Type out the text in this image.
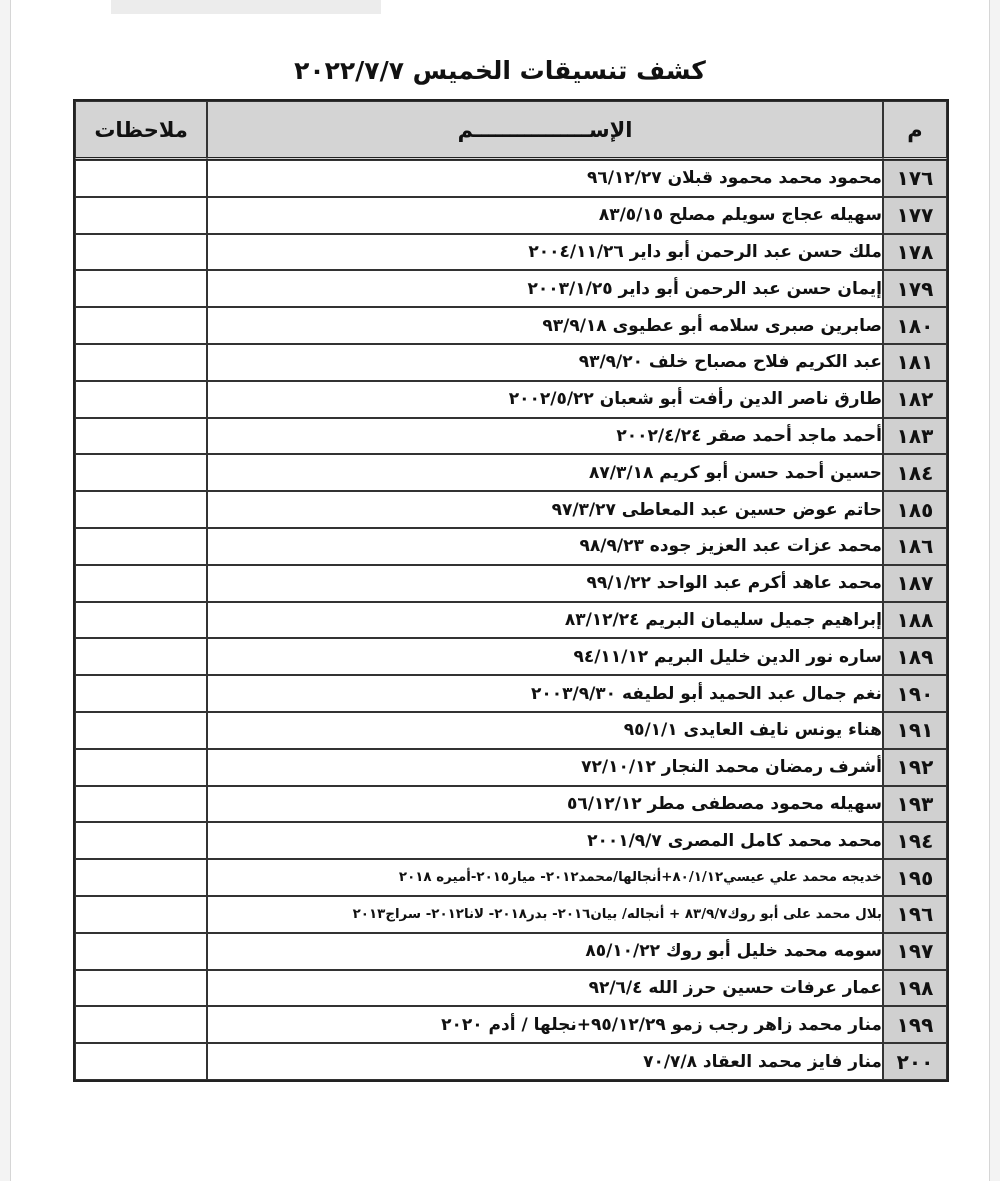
كشف تنسيقات الخميس ٢٠٢٢/٧/٧
م	الإســــــــــــــــم	ملاحظات
١٧٦	محمود محمد محمود قبلان ٩٦/١٢/٢٧	
١٧٧	سهيله عجاج سويلم مصلح ٨٣/٥/١٥	
١٧٨	ملك حسن عبد الرحمن أبو داير ٢٠٠٤/١١/٢٦	
١٧٩	إيمان حسن عبد الرحمن أبو داير ٢٠٠٣/١/٢٥	
١٨٠	صابرين صبرى سلامه أبو عطيوى ٩٣/٩/١٨	
١٨١	عبد الكريم فلاح مصباح خلف ٩٣/٩/٢٠	
١٨٢	طارق ناصر الدين رأفت أبو شعبان ٢٠٠٢/٥/٢٢	
١٨٣	أحمد ماجد أحمد صقر ٢٠٠٢/٤/٢٤	
١٨٤	حسين أحمد حسن أبو كريم ٨٧/٣/١٨	
١٨٥	حاتم عوض حسين عبد المعاطى ٩٧/٣/٢٧	
١٨٦	محمد عزات عبد العزيز جوده ٩٨/٩/٢٣	
١٨٧	محمد عاهد أكرم عبد الواحد ٩٩/١/٢٢	
١٨٨	إبراهيم جميل سليمان البريم ٨٣/١٢/٢٤	
١٨٩	ساره نور الدين خليل البريم ٩٤/١١/١٢	
١٩٠	نغم جمال عبد الحميد أبو لطيفه ٢٠٠٣/٩/٣٠	
١٩١	هناء يونس نايف العايدى ٩٥/١/١	
١٩٢	أشرف رمضان محمد النجار ٧٢/١٠/١٢	
١٩٣	سهيله محمود مصطفى مطر ٥٦/١٢/١٢	
١٩٤	محمد محمد كامل المصرى ٢٠٠١/٩/٧	
١٩٥	خديجه محمد علي عيسي٨٠/١/١٢+أنجالها/محمد٢٠١٢- ميار٢٠١٥-أميره ٢٠١٨	
١٩٦	بلال محمد على أبو روك٨٣/٩/٧ + أنجاله/ بيان٢٠١٦- بدر٢٠١٨- لانا٢٠١٢- سراج٢٠١٣	
١٩٧	سومه محمد خليل أبو روك ٨٥/١٠/٢٢	
١٩٨	عمار عرفات حسين حرز الله ٩٢/٦/٤	
١٩٩	منار محمد زاهر رجب زمو ٩٥/١٢/٢٩+نجلها / أدم ٢٠٢٠	
٢٠٠	منار فايز محمد العقاد ٧٠/٧/٨	
